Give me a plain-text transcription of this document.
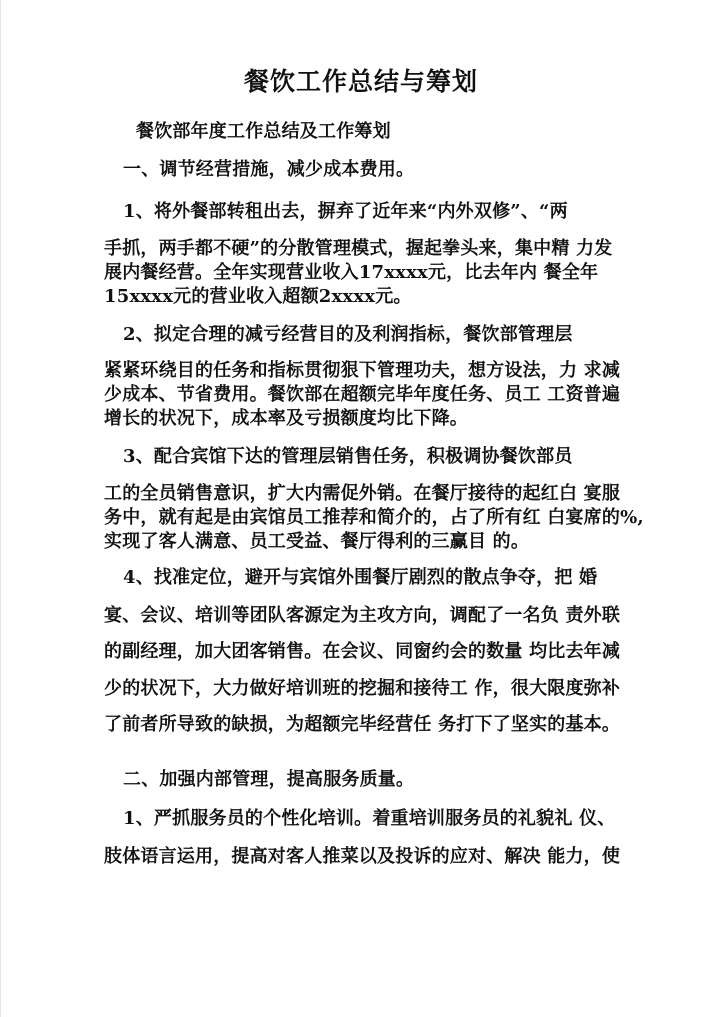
餐饮工作总结与筹划
餐饮部年度工作总结及工作筹划
一、调节经营措施，减少成本费用。
1、将外餐部转租出去，摒弃了近年来“内外双修”、“两
手抓，两手都不硬”的分散管理模式，握起拳头来，集中精 力发
展内餐经营。全年实现营业收入17xxxx元，比去年内 餐全年
15xxxx元的营业收入超额2xxxx元。
2、拟定合理的减亏经营目的及利润指标，餐饮部管理层
紧紧环绕目的任务和指标贯彻狠下管理功夫，想方设法，力 求减
少成本、节省费用。餐饮部在超额完毕年度任务、员工 工资普遍
增长的状况下，成本率及亏损额度均比下降。
3、配合宾馆下达的管理层销售任务，积极调协餐饮部员
工的全员销售意识，扩大内需促外销。在餐厅接待的起红白 宴服
务中，就有起是由宾馆员工推荐和简介的，占了所有红 白宴席的%,
实现了客人满意、员工受益、餐厅得利的三赢目 的。
4、找准定位，避开与宾馆外围餐厅剧烈的散点争夺，把 婚
宴、会议、培训等团队客源定为主攻方向，调配了一名负 责外联
的副经理，加大团客销售。在会议、同窗约会的数量 均比去年减
少的状况下，大力做好培训班的挖掘和接待工 作，很大限度弥补
了前者所导致的缺损，为超额完毕经营任 务打下了坚实的基本。
二、加强内部管理，提高服务质量。
1、严抓服务员的个性化培训。着重培训服务员的礼貌礼 仪、
肢体语言运用，提高对客人推菜以及投诉的应对、解决 能力，使
